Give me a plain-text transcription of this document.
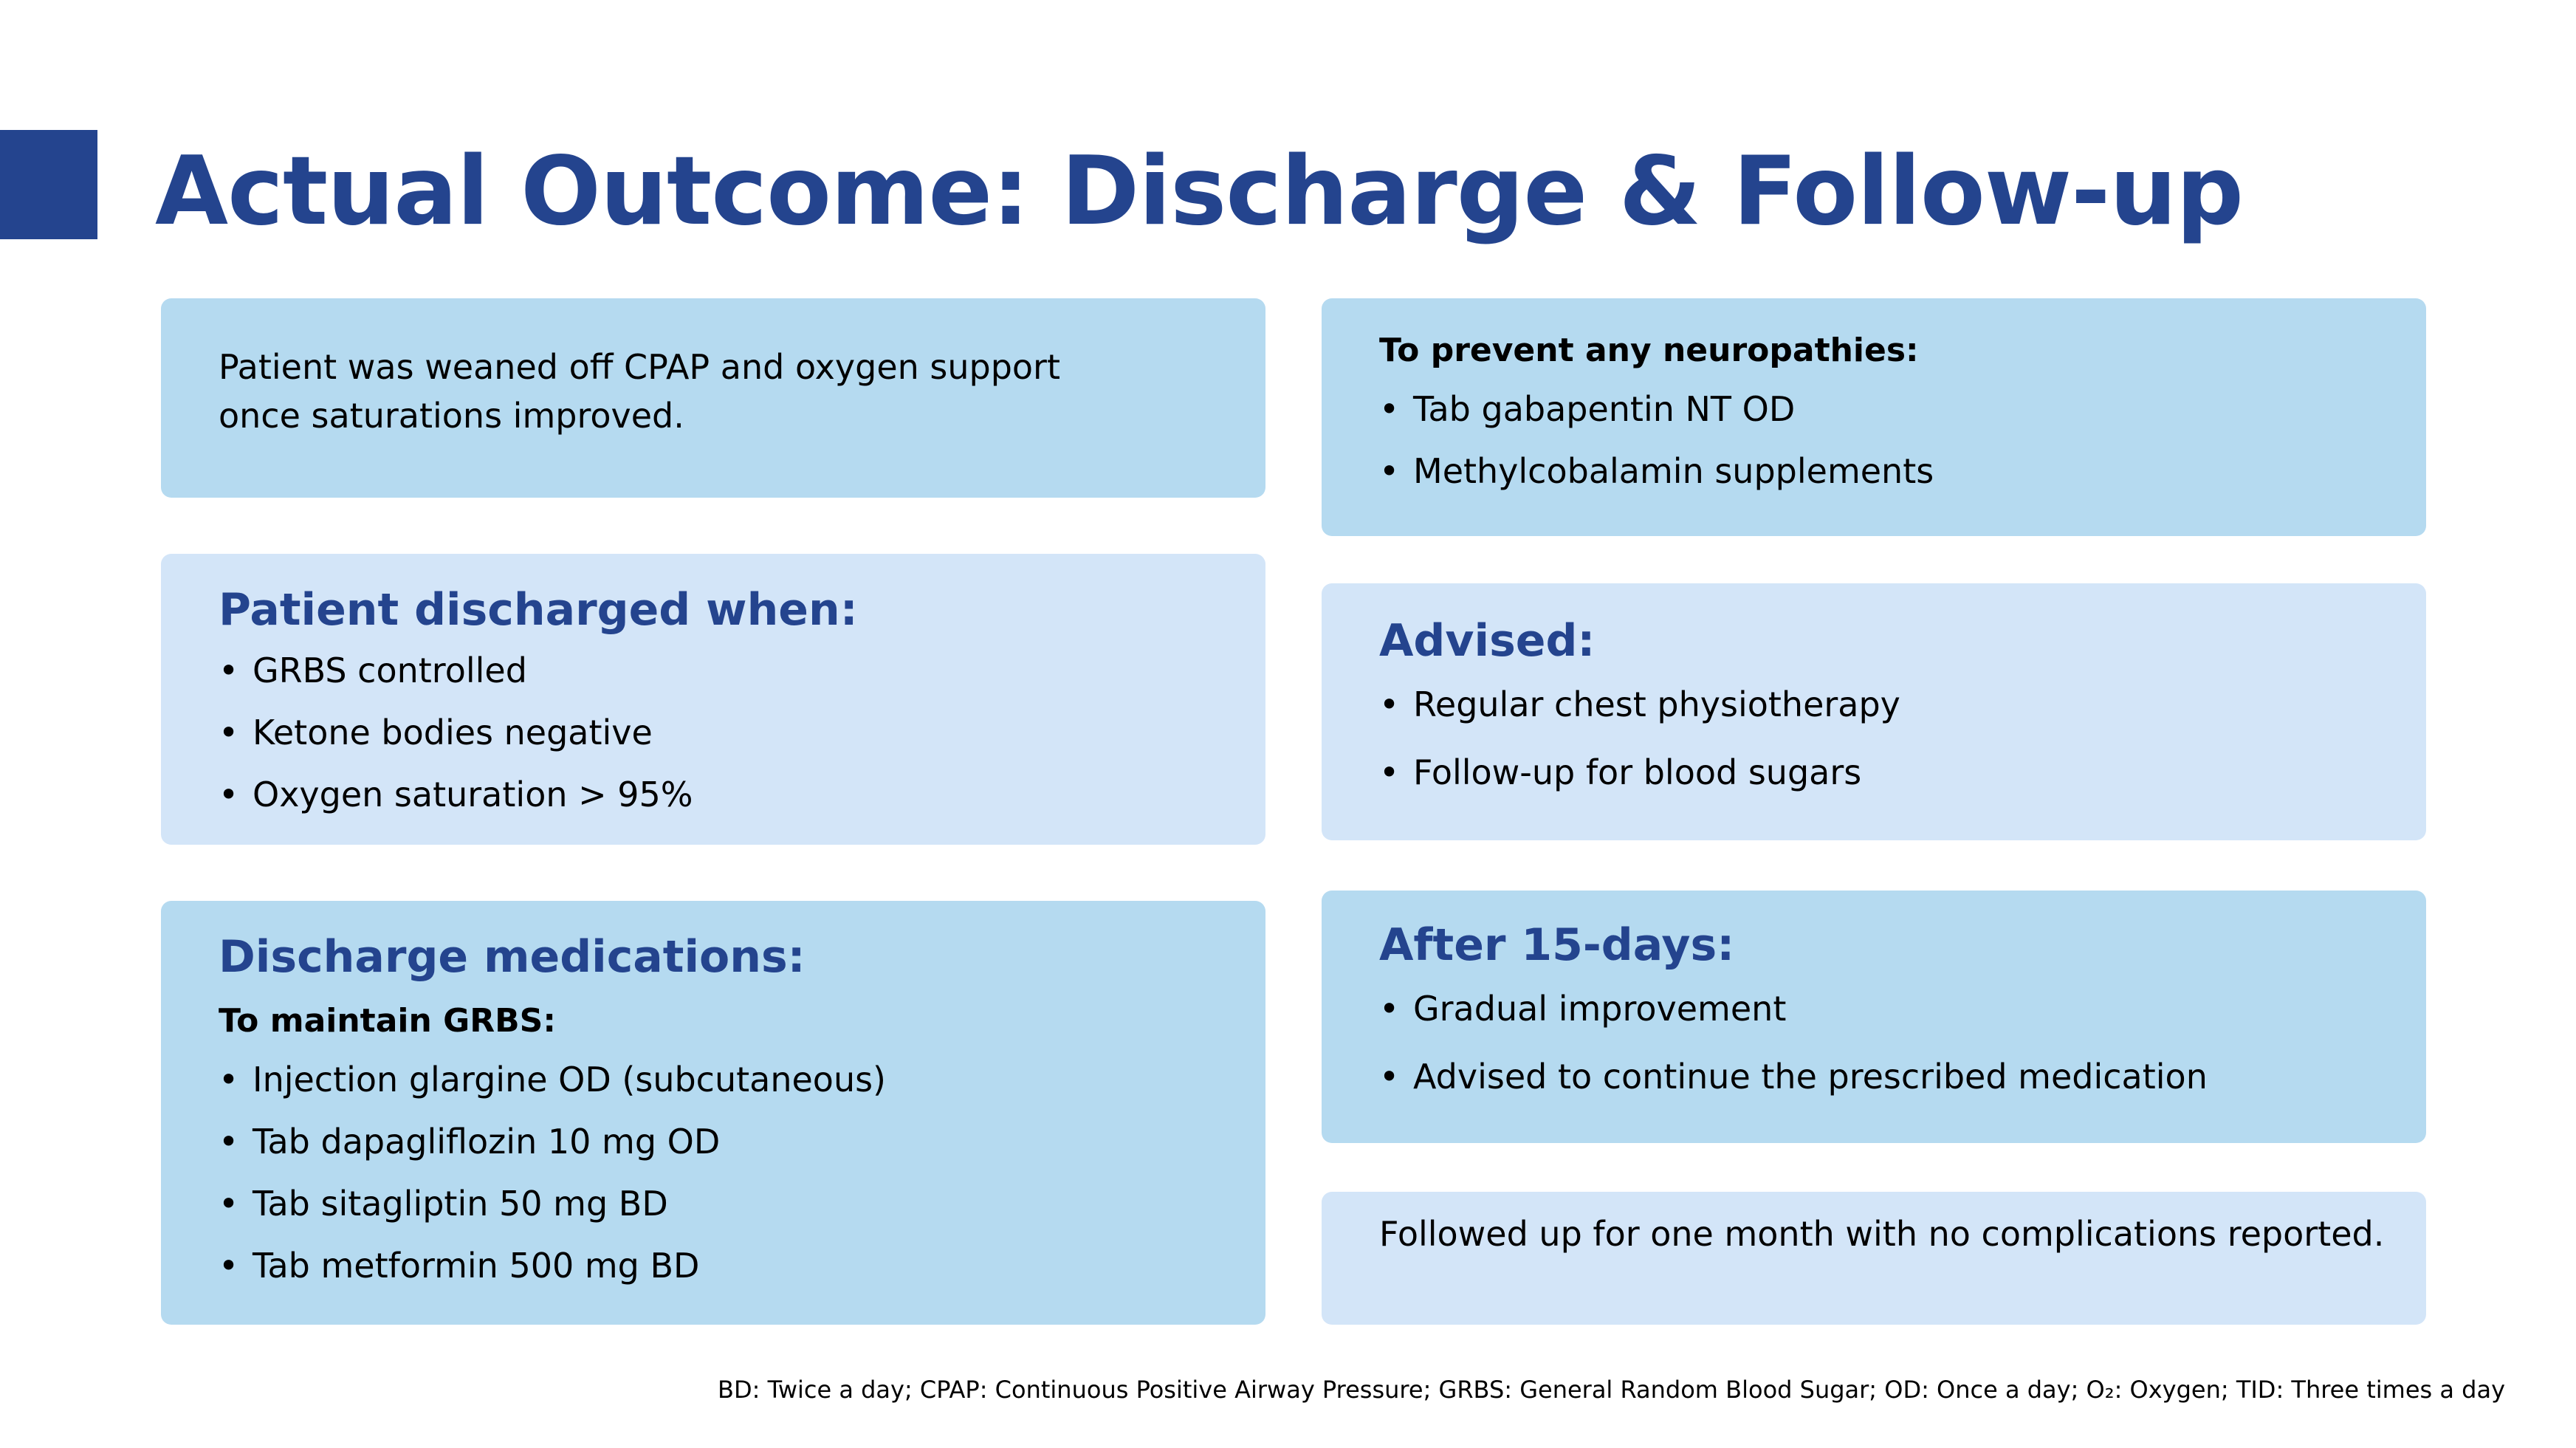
Actual Outcome: Discharge & Follow-up

Patient was weaned off CPAP and oxygen support once saturations improved.

Patient discharged when:
• GRBS controlled
• Ketone bodies negative
• Oxygen saturation > 95%
Discharge medications:

To maintain GRBS:

• Injection glargine OD (subcutaneous)
• Tab dapagliflozin 10 mg OD
• Tab sitagliptin 50 mg BD
• Tab metformin 500 mg BD

To prevent any neuropathies:

• Tab gabapentin NT OD
• Methylcobalamin supplements
Advised:
• Regular chest physiotherapy
• Follow-up for blood sugars
After 15-days:
• Gradual improvement
• Advised to continue the prescribed medication

Followed up for one month with no complications reported.

BD: Twice a day; CPAP: Continuous Positive Airway Pressure; GRBS: General Random Blood Sugar; OD: Once a day; O₂: Oxygen; TID: Three times a day
